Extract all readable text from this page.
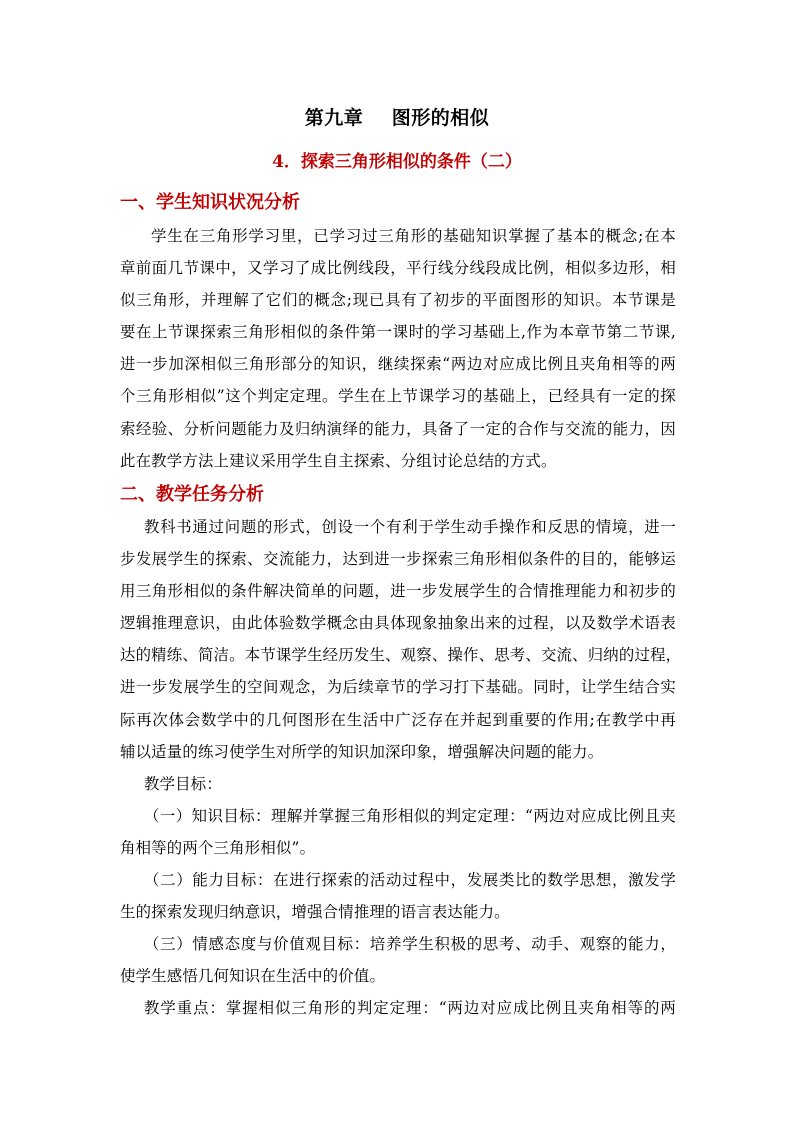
第九章    图形的相似
4．探索三角形相似的条件（二）
一、学生知识状况分析
学生在三角形学习里，已学习过三角形的基础知识掌握了基本的概念;在本
章前面几节课中，又学习了成比例线段，平行线分线段成比例，相似多边形，相
似三角形，并理解了它们的概念;现已具有了初步的平面图形的知识。本节课是
要在上节课探索三角形相似的条件第一课时的学习基础上,作为本章节第二节课,
进一步加深相似三角形部分的知识，继续探索“两边对应成比例且夹角相等的两
个三角形相似”这个判定定理。学生在上节课学习的基础上，已经具有一定的探
索经验、分析问题能力及归纳演绎的能力，具备了一定的合作与交流的能力，因
此在教学方法上建议采用学生自主探索、分组讨论总结的方式。
二、教学任务分析
教科书通过问题的形式，创设一个有利于学生动手操作和反思的情境，进一
步发展学生的探索、交流能力，达到进一步探索三角形相似条件的目的，能够运
用三角形相似的条件解决简单的问题，进一步发展学生的合情推理能力和初步的
逻辑推理意识，由此体验数学概念由具体现象抽象出来的过程，以及数学术语表
达的精练、简洁。本节课学生经历发生、观察、操作、思考、交流、归纳的过程，
进一步发展学生的空间观念，为后续章节的学习打下基础。同时，让学生结合实
际再次体会数学中的几何图形在生活中广泛存在并起到重要的作用;在教学中再
辅以适量的练习使学生对所学的知识加深印象，增强解决问题的能力。
教学目标：
（一）知识目标：理解并掌握三角形相似的判定定理：“两边对应成比例且夹
角相等的两个三角形相似”。
（二）能力目标：在进行探索的活动过程中，发展类比的数学思想，激发学
生的探索发现归纳意识，增强合情推理的语言表达能力。
（三）情感态度与价值观目标：培养学生积极的思考、动手、观察的能力，
使学生感悟几何知识在生活中的价值。
教学重点：掌握相似三角形的判定定理：“两边对应成比例且夹角相等的两
